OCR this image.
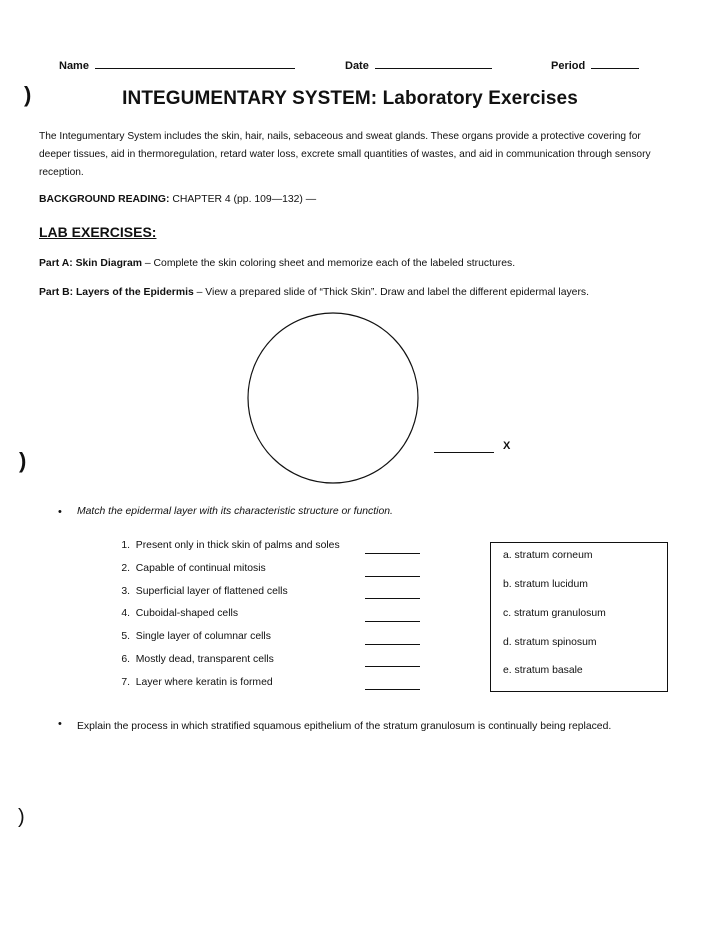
Name	Date	Period
)
)
)
INTEGUMENTARY SYSTEM: Laboratory Exercises
The Integumentary System includes the skin, hair, nails, sebaceous and sweat glands. These organs provide a protective covering for deeper tissues, aid in thermoregulation, retard water loss, excrete small quantities of wastes, and aid in communication through sensory reception.
BACKGROUND READING: CHAPTER 4 (pp. 109—132) —
LAB EXERCISES:
Part A: Skin Diagram – Complete the skin coloring sheet and memorize each of the labeled structures.
Part B: Layers of the Epidermis – View a prepared slide of “Thick Skin”. Draw and label the different epidermal layers.
X
• Match the epidermal layer with its characteristic structure or function.
1. Present only in thick skin of palms and soles
2. Capable of continual mitosis
3. Superficial layer of flattened cells
4. Cuboidal-shaped cells
5. Single layer of columnar cells
6. Mostly dead, transparent cells
7. Layer where keratin is formed
a. stratum corneum
b. stratum lucidum
c. stratum granulosum
d. stratum spinosum
e. stratum basale
• Explain the process in which stratified squamous epithelium of the stratum granulosum is continually being replaced.
